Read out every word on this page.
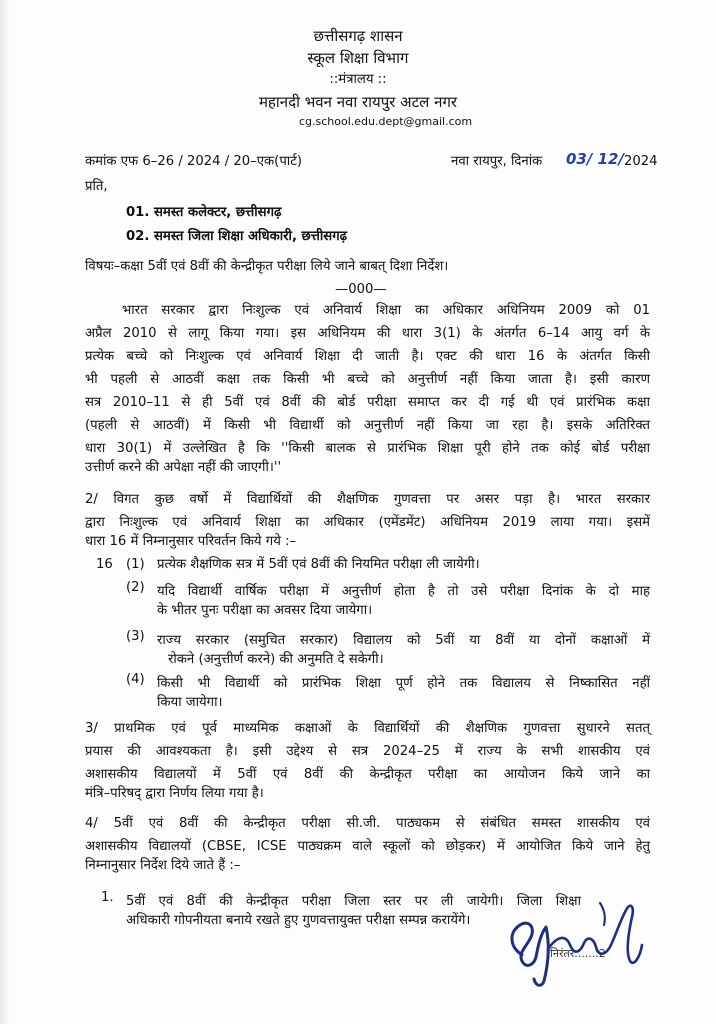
छत्तीसगढ़ शासन
स्कूल शिक्षा विभाग
::मंत्रालय ::
महानदी भवन नवा रायपुर अटल नगर
cg.school.edu.dept@gmail.com
कमांक एफ 6–26 / 2024 / 20–एक(पार्ट)	नवा रायपुर, दिनांक 03/ 12/ 2024
प्रति,
01. समस्त कलेक्टर, छत्तीसगढ़
02. समस्त जिला शिक्षा अधिकारी, छत्तीसगढ़
विषयः–कक्षा 5वीं एवं 8वीं की केन्द्रीकृत परीक्षा लिये जाने बाबत् दिशा निर्देश।
—000—
भारत सरकार द्वारा निःशुल्क एवं अनिवार्य शिक्षा का अधिकार अधिनियम 2009 को 01
अप्रैल 2010 से लागू किया गया। इस अधिनियम की धारा 3(1) के अंतर्गत 6–14 आयु वर्ग के
प्रत्येक बच्चे को निःशुल्क एवं अनिवार्य शिक्षा दी जाती है। एक्ट की धारा 16 के अंतर्गत किसी
भी पहली से आठवीं कक्षा तक किसी भी बच्चे को अनुत्तीर्ण नहीं किया जाता है। इसी कारण
सत्र 2010–11 से ही 5वीं एवं 8वीं की बोर्ड परीक्षा समाप्त कर दी गई थी एवं प्रारंभिक कक्षा
(पहली से आठवीं) में किसी भी विद्यार्थी को अनुत्तीर्ण नहीं किया जा रहा है। इसके अतिरिक्त
धारा 30(1) में उल्लेखित है कि ''किसी बालक से प्रारंभिक शिक्षा पूरी होने तक कोई बोर्ड परीक्षा
उत्तीर्ण करने की अपेक्षा नहीं की जाएगी।''
2/ विगत कुछ वर्षो में विद्यार्थियों की शैक्षणिक गुणवत्ता पर असर पड़ा है। भारत सरकार
द्वारा निःशुल्क एवं अनिवार्य शिक्षा का अधिकार (एमेंडमेंट) अधिनियम 2019 लाया गया। इसमें
धारा 16 में निम्नानुसार परिवर्तन किये गये :–
16 (1) प्रत्येक शैक्षणिक सत्र में 5वीं एवं 8वीं की नियमित परीक्षा ली जायेगी।
(2) यदि विद्यार्थी वार्षिक परीक्षा में अनुत्तीर्ण होता है तो उसे परीक्षा दिनांक के दो माह
के भीतर पुनः परीक्षा का अवसर दिया जायेगा।
(3) राज्य सरकार (समुचित सरकार) विद्यालय को 5वीं या 8वीं या दोनों कक्षाओं में
रोकने (अनुत्तीर्ण करने) की अनुमति दे सकेगी।
(4) किसी भी विद्यार्थी को प्रारंभिक शिक्षा पूर्ण होने तक विद्यालय से निष्कासित नहीं
किया जायेगा।
3/ प्राथमिक एवं पूर्व माध्यमिक कक्षाओं के विद्यार्थियों की शैक्षणिक गुणवत्ता सुधारने सतत्
प्रयास की आवश्यकता है। इसी उद्देश्य से सत्र 2024–25 में राज्य के सभी शासकीय एवं
अशासकीय विद्यालयों में 5वीं एवं 8वीं की केन्द्रीकृत परीक्षा का आयोजन किये जाने का
मंत्रि–परिषद् द्वारा निर्णय लिया गया है।
4/ 5वीं एवं 8वीं की केन्द्रीकृत परीक्षा सी.जी. पाठ्यकम से संबंधित समस्त शासकीय एवं
अशासकीय विद्यालयों (CBSE, ICSE पाठ्यक्रम वाले स्कूलों को छोड़कर) में आयोजित किये जाने हेतु
निम्नानुसार निर्देश दिये जाते हैं :–
1. 5वीं एवं 8वीं की केन्द्रीकृत परीक्षा जिला स्तर पर ली जायेगी। जिला शिक्षा
अधिकारी गोपनीयता बनाये रखते हुए गुणवत्तायुक्त परीक्षा सम्पन्न करायेंगे।
निरंतर.......2
